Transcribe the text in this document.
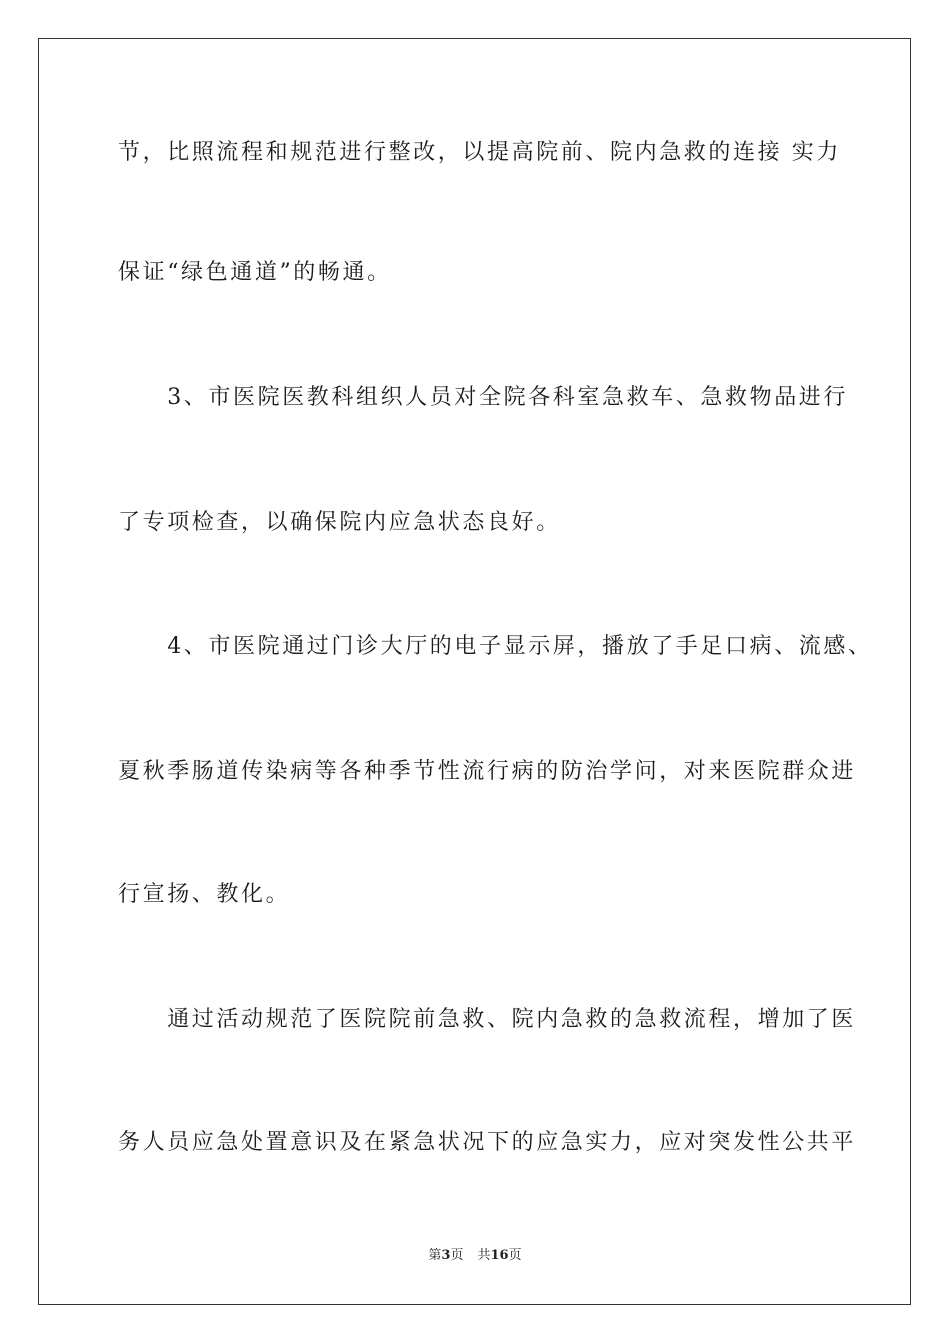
节，比照流程和规范进行整改，以提高院前、院内急救的连接 实力
保证“绿色通道”的畅通。
　　3、市医院医教科组织人员对全院各科室急救车、急救物品进行
了专项检查，以确保院内应急状态良好。
　　4、市医院通过门诊大厅的电子显示屏，播放了手足口病、流感、
夏秋季肠道传染病等各种季节性流行病的防治学问，对来医院群众进
行宣扬、教化。
　　通过活动规范了医院院前急救、院内急救的急救流程，增加了医
务人员应急处置意识及在紧急状况下的应急实力，应对突发性公共平
第3页 共16页
